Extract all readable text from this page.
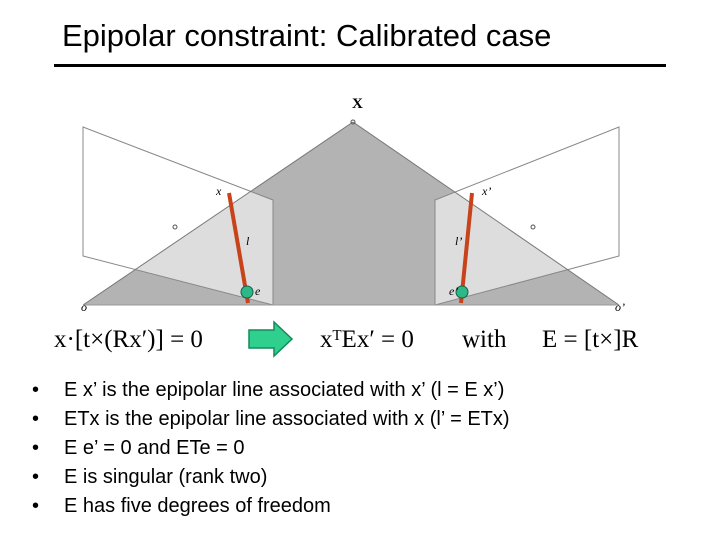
Epipolar constraint: Calibrated case
X
x	x’
l	l’
e	e’
o	o’
x·[t×(Rx′)] = 0	xᵀEx′ = 0 with E = [t×]R
• E x’ is the epipolar line associated with x’ (l = E x’)
• ETx is the epipolar line associated with x (l’ = ETx)
• E e’ = 0 and ETe = 0
• E is singular (rank two)
• E has five degrees of freedom
